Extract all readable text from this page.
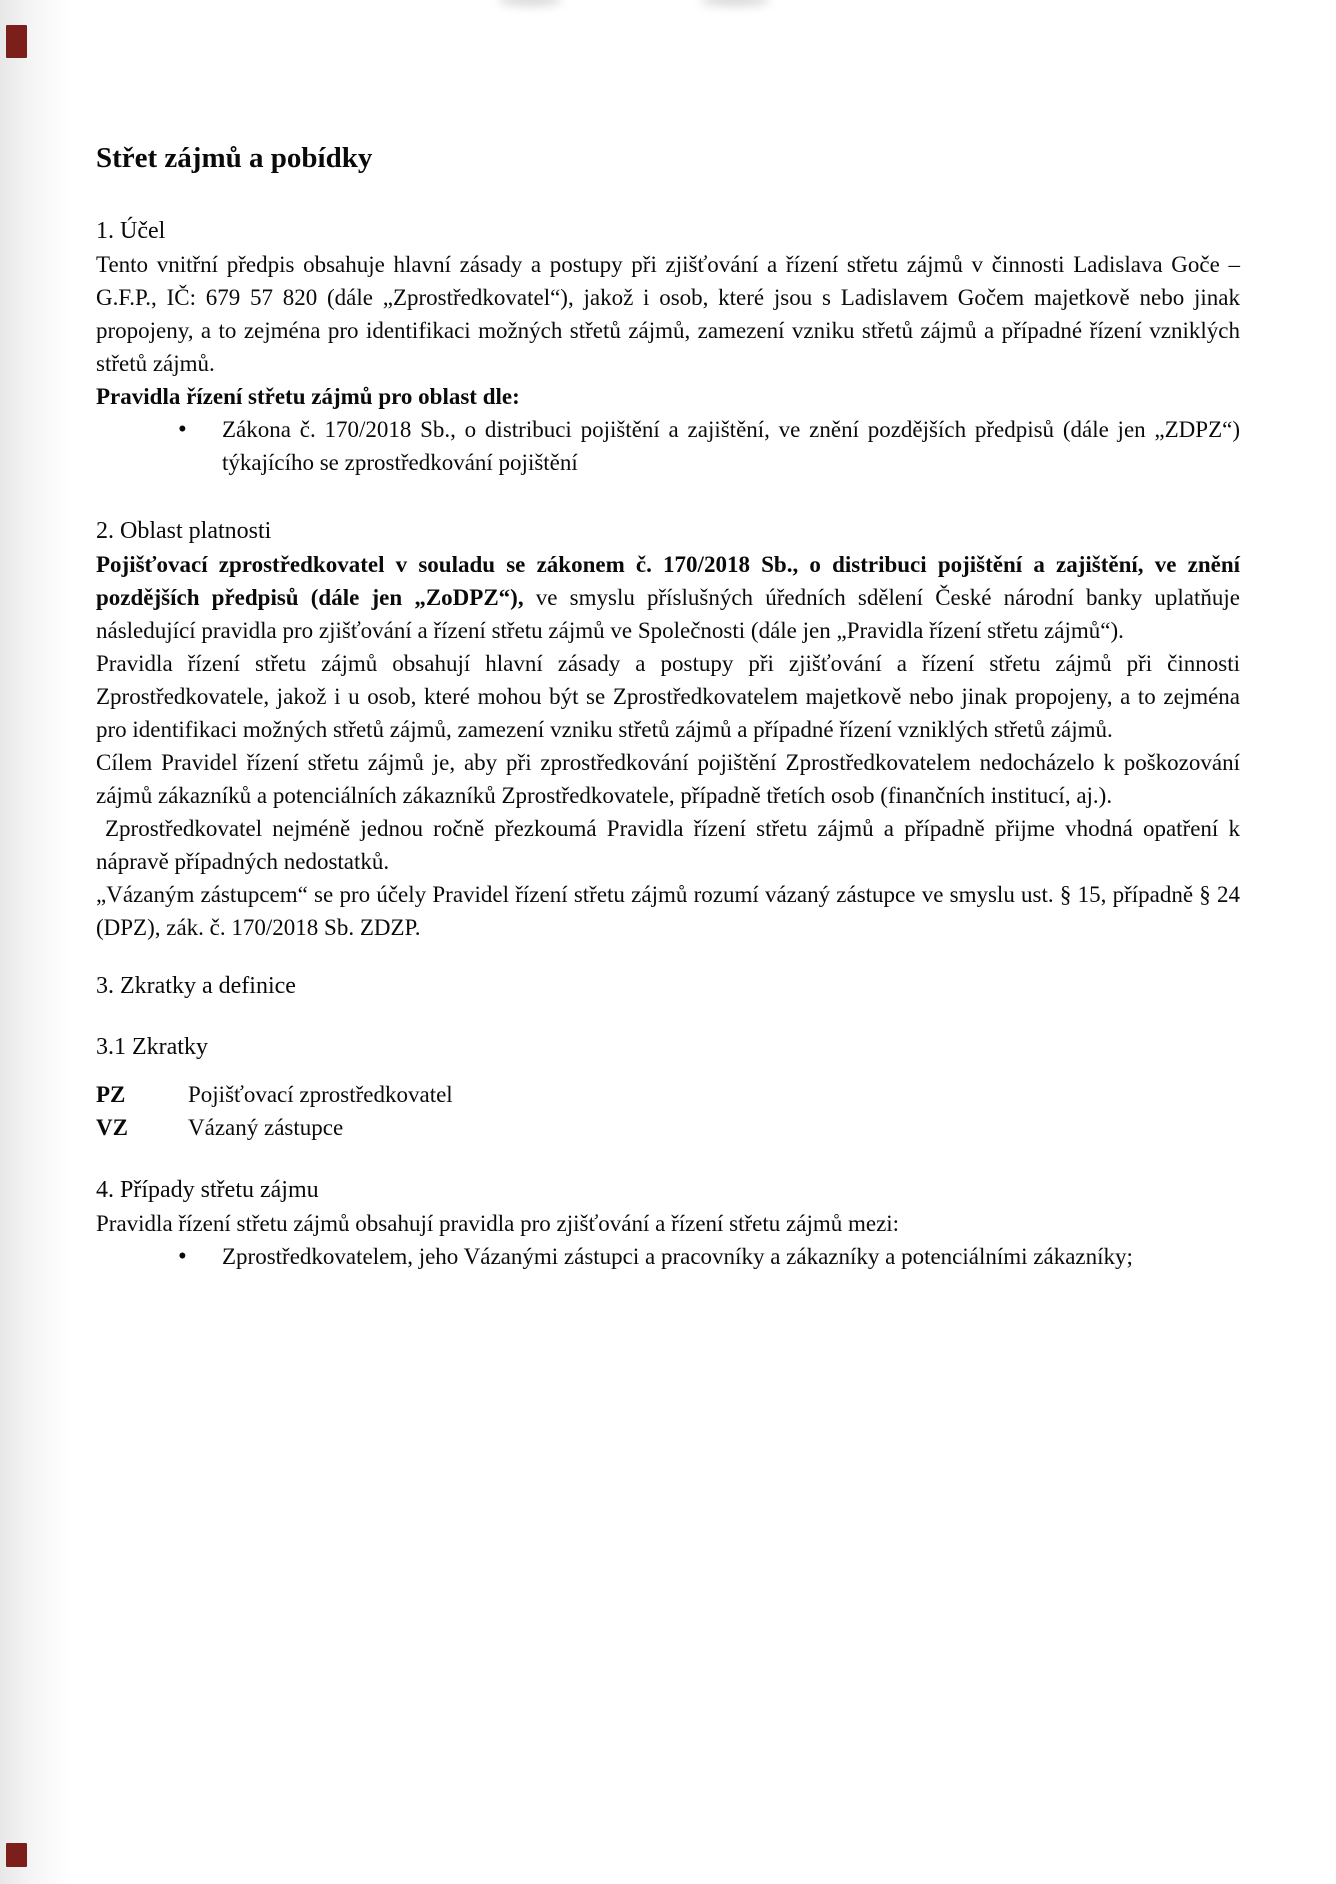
Střet zájmů a pobídky
1. Účel

Tento vnitřní předpis obsahuje hlavní zásady a postupy při zjišťování a řízení střetu zájmů v činnosti Ladislava Goče – G.F.P., IČ: 679 57 820 (dále „Zprostředkovatel“), jakož i osob, které jsou s Ladislavem Gočem majetkově nebo jinak propojeny, a to zejména pro identifikaci možných střetů zájmů, zamezení vzniku střetů zájmů a případné řízení vzniklých střetů zájmů.

Pravidla řízení střetu zájmů pro oblast dle:

•	Zákona č. 170/2018 Sb., o distribuci pojištění a zajištění, ve znění pozdějších předpisů (dále jen „ZDPZ“) týkajícího se zprostředkování pojištění
2. Oblast platnosti

Pojišťovací zprostředkovatel v souladu se zákonem č. 170/2018 Sb., o distribuci pojištění a zajištění, ve znění pozdějších předpisů (dále jen „ZoDPZ“), ve smyslu příslušných úředních sdělení České národní banky uplatňuje následující pravidla pro zjišťování a řízení střetu zájmů ve Společnosti (dále jen „Pravidla řízení střetu zájmů“).

Pravidla řízení střetu zájmů obsahují hlavní zásady a postupy při zjišťování a řízení střetu zájmů při činnosti Zprostředkovatele, jakož i u osob, které mohou být se Zprostředkovatelem majetkově nebo jinak propojeny, a to zejména pro identifikaci možných střetů zájmů, zamezení vzniku střetů zájmů a případné řízení vzniklých střetů zájmů.

Cílem Pravidel řízení střetu zájmů je, aby při zprostředkování pojištění Zprostředkovatelem nedocházelo k poškozování zájmů zákazníků a potenciálních zákazníků Zprostředkovatele, případně třetích osob (finančních institucí, aj.).

Zprostředkovatel nejméně jednou ročně přezkoumá Pravidla řízení střetu zájmů a případně přijme vhodná opatření k nápravě případných nedostatků.

„Vázaným zástupcem“ se pro účely Pravidel řízení střetu zájmů rozumí vázaný zástupce ve smyslu ust. § 15, případně § 24 (DPZ), zák. č. 170/2018 Sb. ZDZP.

3. Zkratky a definice
3.1 Zkratky
PZ	Pojišťovací zprostředkovatel
VZ	Vázaný zástupce
4. Případy střetu zájmu

Pravidla řízení střetu zájmů obsahují pravidla pro zjišťování a řízení střetu zájmů mezi:

•	Zprostředkovatelem, jeho Vázanými zástupci a pracovníky a zákazníky a potenciálními zákazníky;
